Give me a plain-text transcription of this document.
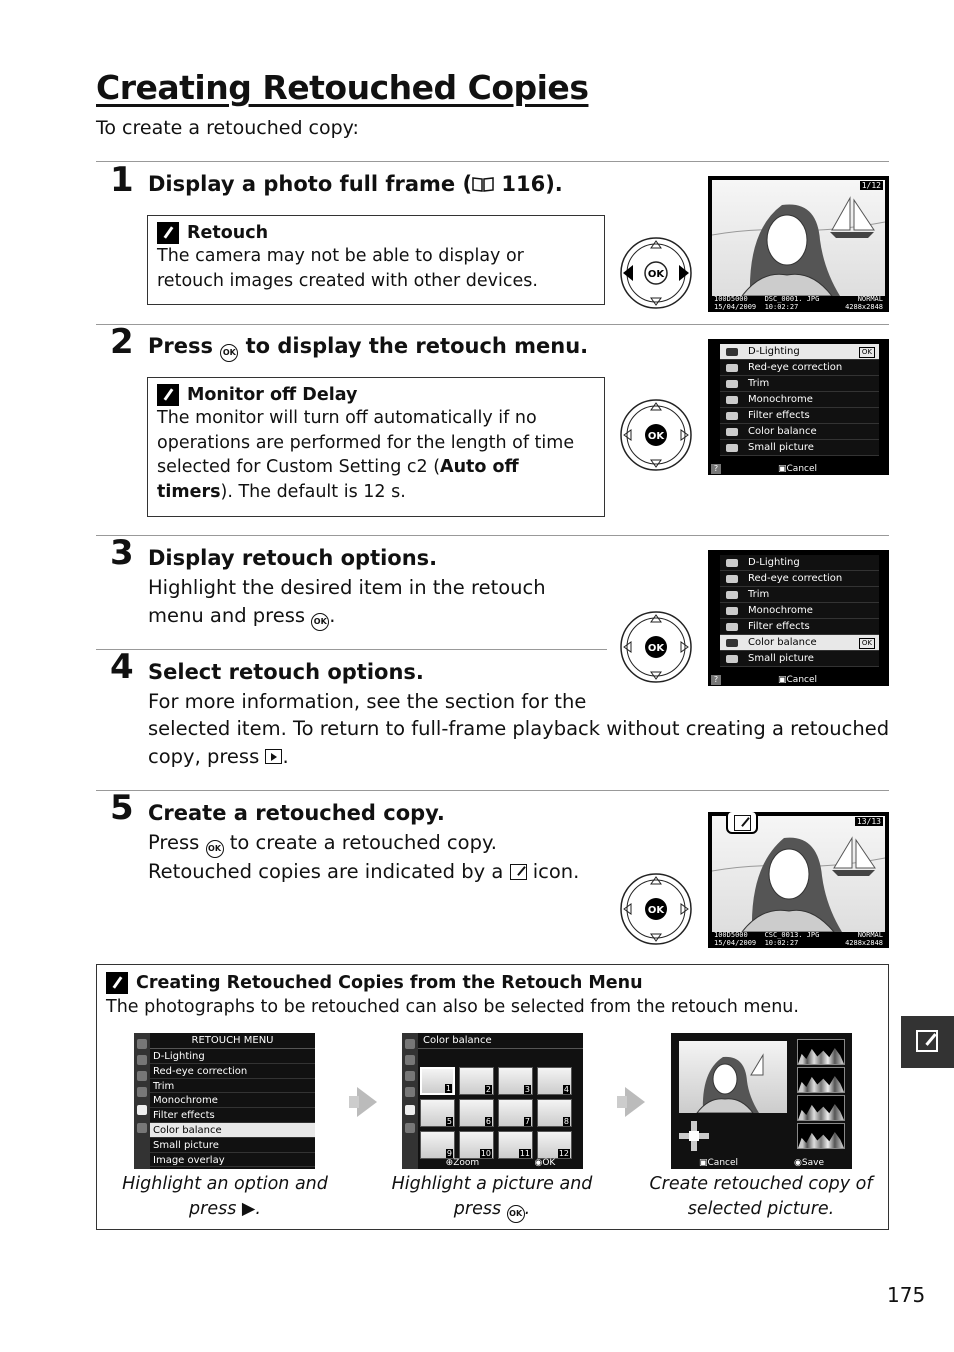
Creating Retouched Copies
To create a retouched copy:
1 Display a photo full frame ( 116).
Retouch
The camera may not be able to display or retouch images created with other devices.	OK
1/12
100D5000    DSC_0001. JPG
15/04/2009  10:02:27
NORMAL
4288x2848
2 Press OK to display the retouch menu.
Monitor off Delay
The monitor will turn off automatically if no operations are performed for the length of time selected for Custom Setting c2 (Auto off timers). The default is 12 s.
OK
D-Lighting	OK
Red-eye correction
Trim
Monochrome
Filter effects
Color balance
Small picture
?	▣Cancel
3 Display retouch options.
Highlight the desired item in the retouch menu and press OK .
OK
D-Lighting
Red-eye correction
Trim
Monochrome
Filter effects
Color balance	OK
Small picture
?	▣Cancel
4 Select retouch options.
For more information, see the section for the
selected item. To return to full-frame playback without creating a retouched
copy, press .
5 Create a retouched copy.
Press OK to create a retouched copy. Retouched copies are indicated by a  icon.
OK
13/13
100D5000    CSC_0013. JPG
15/04/2009  10:02:27
NORMAL
4288x2848
Creating Retouched Copies from the Retouch Menu
The photographs to be retouched can also be selected from the retouch menu.
RETOUCH MENU
D-Lighting
Red-eye correction
Trim
Monochrome
Filter effects
Color balance
Small picture
Image overlay
Color balance
1	2	3	4
5	6	7	8
9	10	11	12
⊕Zoom	◉OK	▣Cancel	◉Save
Highlight an option and
press ▶.
Highlight a picture and
press OK .
Create retouched copy of
selected picture.
175
